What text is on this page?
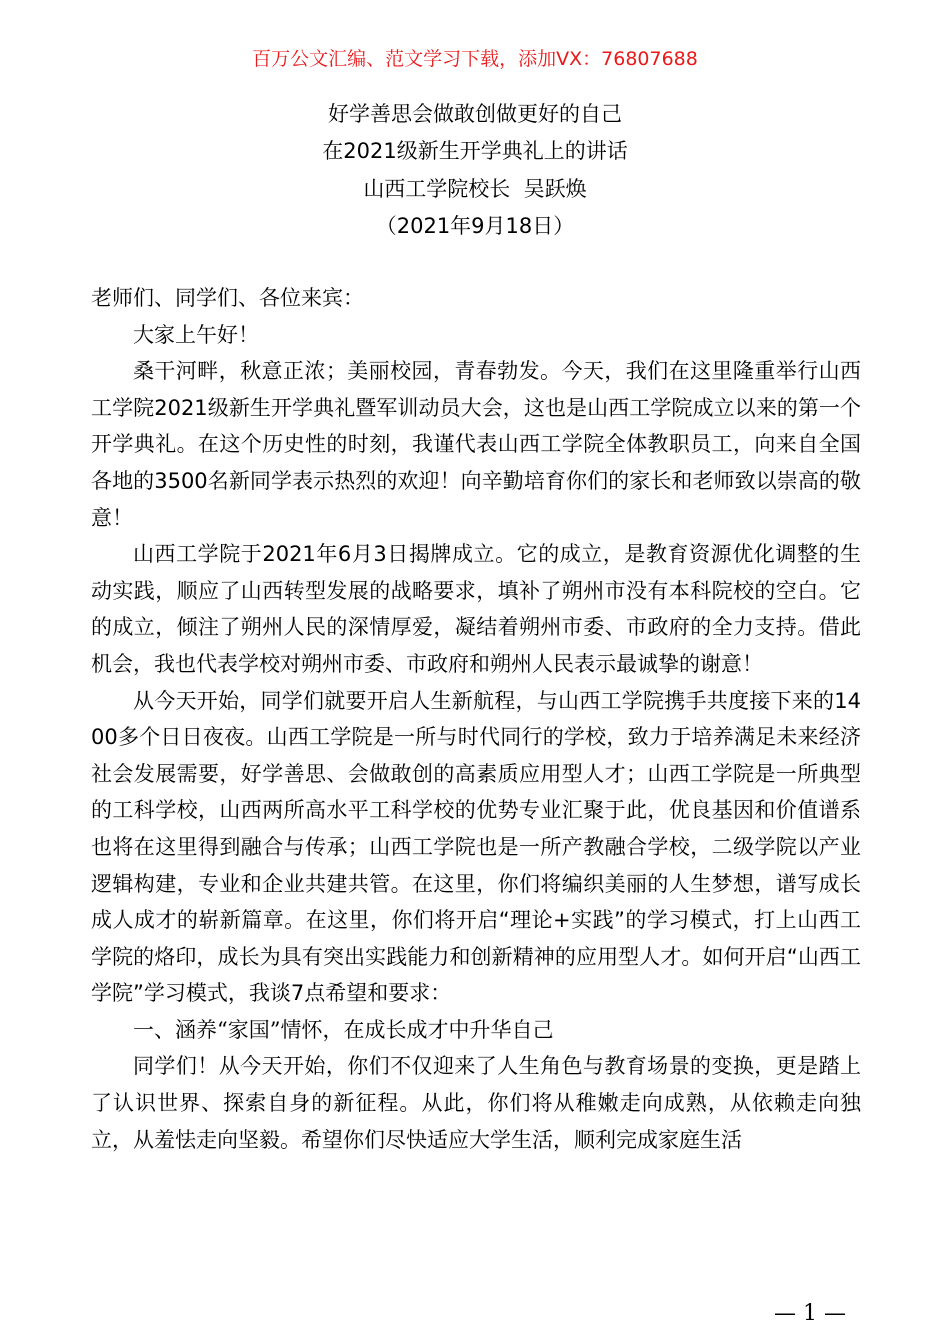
百万公文汇编、范文学习下载，添加VX：76807688
好学善思会做敢创做更好的自己
在2021级新生开学典礼上的讲话
山西工学院校长  吴跃焕
（2021年9月18日）

老师们、同学们、各位来宾：

大家上午好！

桑干河畔，秋意正浓；美丽校园，青春勃发。今天，我们在这里隆重举行山西工学院2021级新生开学典礼暨军训动员大会，这也是山西工学院成立以来的第一个开学典礼。在这个历史性的时刻，我谨代表山西工学院全体教职员工，向来自全国各地的3500名新同学表示热烈的欢迎！向辛勤培育你们的家长和老师致以崇高的敬意！

山西工学院于2021年6月3日揭牌成立。它的成立，是教育资源优化调整的生动实践，顺应了山西转型发展的战略要求，填补了朔州市没有本科院校的空白。它的成立，倾注了朔州人民的深情厚爱，凝结着朔州市委、市政府的全力支持。借此机会，我也代表学校对朔州市委、市政府和朔州人民表示最诚挚的谢意！

从今天开始，同学们就要开启人生新航程，与山西工学院携手共度接下来的1400多个日日夜夜。山西工学院是一所与时代同行的学校，致力于培养满足未来经济社会发展需要，好学善思、会做敢创的高素质应用型人才；山西工学院是一所典型的工科学校，山西两所高水平工科学校的优势专业汇聚于此，优良基因和价值谱系也将在这里得到融合与传承；山西工学院也是一所产教融合学校，二级学院以产业逻辑构建，专业和企业共建共管。在这里，你们将编织美丽的人生梦想，谱写成长成人成才的崭新篇章。在这里，你们将开启“理论+实践”的学习模式，打上山西工学院的烙印，成长为具有突出实践能力和创新精神的应用型人才。如何开启“山西工学院”学习模式，我谈7点希望和要求：

一、涵养“家国”情怀，在成长成才中升华自己

同学们！从今天开始，你们不仅迎来了人生角色与教育场景的变换，更是踏上了认识世界、探索自身的新征程。从此，你们将从稚嫩走向成熟，从依赖走向独立，从羞怯走向坚毅。希望你们尽快适应大学生活，顺利完成家庭生活

— 1 —
